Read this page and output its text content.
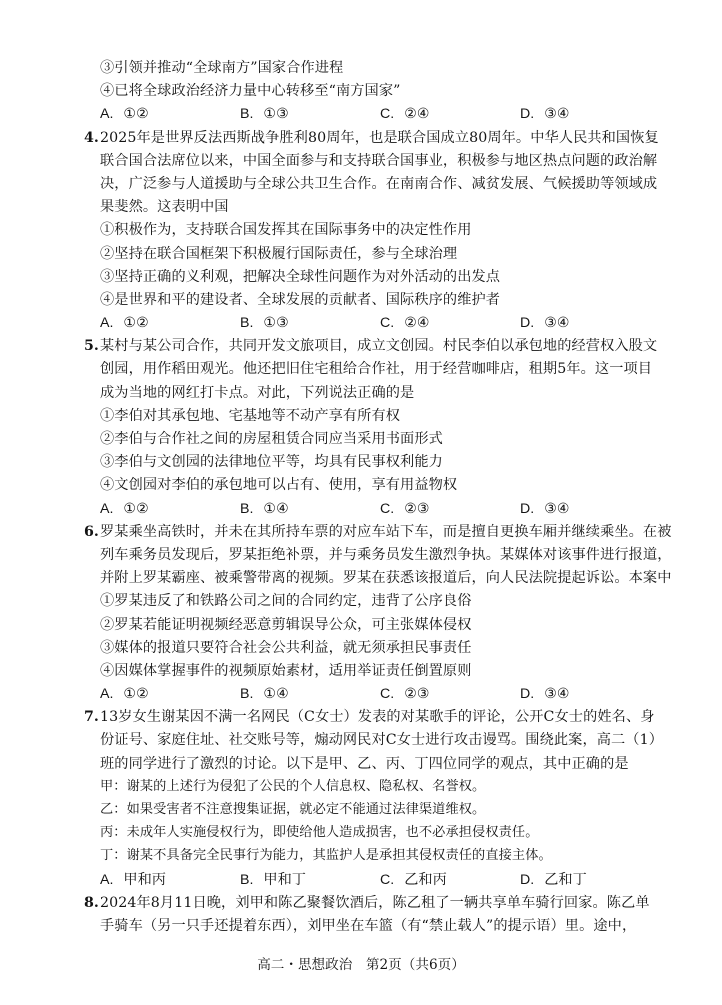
③引领并推动“全球南方”国家合作进程
④已将全球政治经济力量中心转移至“南方国家”
A. ①②	B. ①③	C. ②④	D. ③④
4. 2025年是世界反法西斯战争胜利80周年，也是联合国成立80周年。中华人民共和国恢复
联合国合法席位以来，中国全面参与和支持联合国事业，积极参与地区热点问题的政治解
决，广泛参与人道援助与全球公共卫生合作。在南南合作、减贫发展、气候援助等领域成
果斐然。这表明中国
①积极作为，支持联合国发挥其在国际事务中的决定性作用
②坚持在联合国框架下积极履行国际责任，参与全球治理
③坚持正确的义利观，把解决全球性问题作为对外活动的出发点
④是世界和平的建设者、全球发展的贡献者、国际秩序的维护者
A. ①②	B. ①③	C. ②④	D. ③④
5. 某村与某公司合作，共同开发文旅项目，成立文创园。村民李伯以承包地的经营权入股文
创园，用作稻田观光。他还把旧住宅租给合作社，用于经营咖啡店，租期5年。这一项目
成为当地的网红打卡点。对此，下列说法正确的是
①李伯对其承包地、宅基地等不动产享有所有权
②李伯与合作社之间的房屋租赁合同应当采用书面形式
③李伯与文创园的法律地位平等，均具有民事权利能力
④文创园对李伯的承包地可以占有、使用，享有用益物权
A. ①②	B. ①④	C. ②③	D. ③④
6. 罗某乘坐高铁时，并未在其所持车票的对应车站下车，而是擅自更换车厢并继续乘坐。在被
列车乘务员发现后，罗某拒绝补票，并与乘务员发生激烈争执。某媒体对该事件进行报道，
并附上罗某霸座、被乘警带离的视频。罗某在获悉该报道后，向人民法院提起诉讼。本案中
①罗某违反了和铁路公司之间的合同约定，违背了公序良俗
②罗某若能证明视频经恶意剪辑误导公众，可主张媒体侵权
③媒体的报道只要符合社会公共利益，就无须承担民事责任
④因媒体掌握事件的视频原始素材，适用举证责任倒置原则
A. ①②	B. ①④	C. ②③	D. ③④
7. 13岁女生谢某因不满一名网民（C女士）发表的对某歌手的评论，公开C女士的姓名、身
份证号、家庭住址、社交账号等，煽动网民对C女士进行攻击谩骂。围绕此案，高二（1）
班的同学进行了激烈的讨论。以下是甲、乙、丙、丁四位同学的观点，其中正确的是
甲：谢某的上述行为侵犯了公民的个人信息权、隐私权、名誉权。
乙：如果受害者不注意搜集证据，就必定不能通过法律渠道维权。
丙：未成年人实施侵权行为，即使给他人造成损害，也不必承担侵权责任。
丁：谢某不具备完全民事行为能力，其监护人是承担其侵权责任的直接主体。
高二・思想政治　第2页（共6页）
A. 甲和丙	B. 甲和丁	C. 乙和丙	D. 乙和丁
8. 2024年8月11日晚，刘甲和陈乙聚餐饮酒后，陈乙租了一辆共享单车骑行回家。陈乙单
手骑车（另一只手还提着东西），刘甲坐在车篮（有“禁止载人”的提示语）里。途中，
